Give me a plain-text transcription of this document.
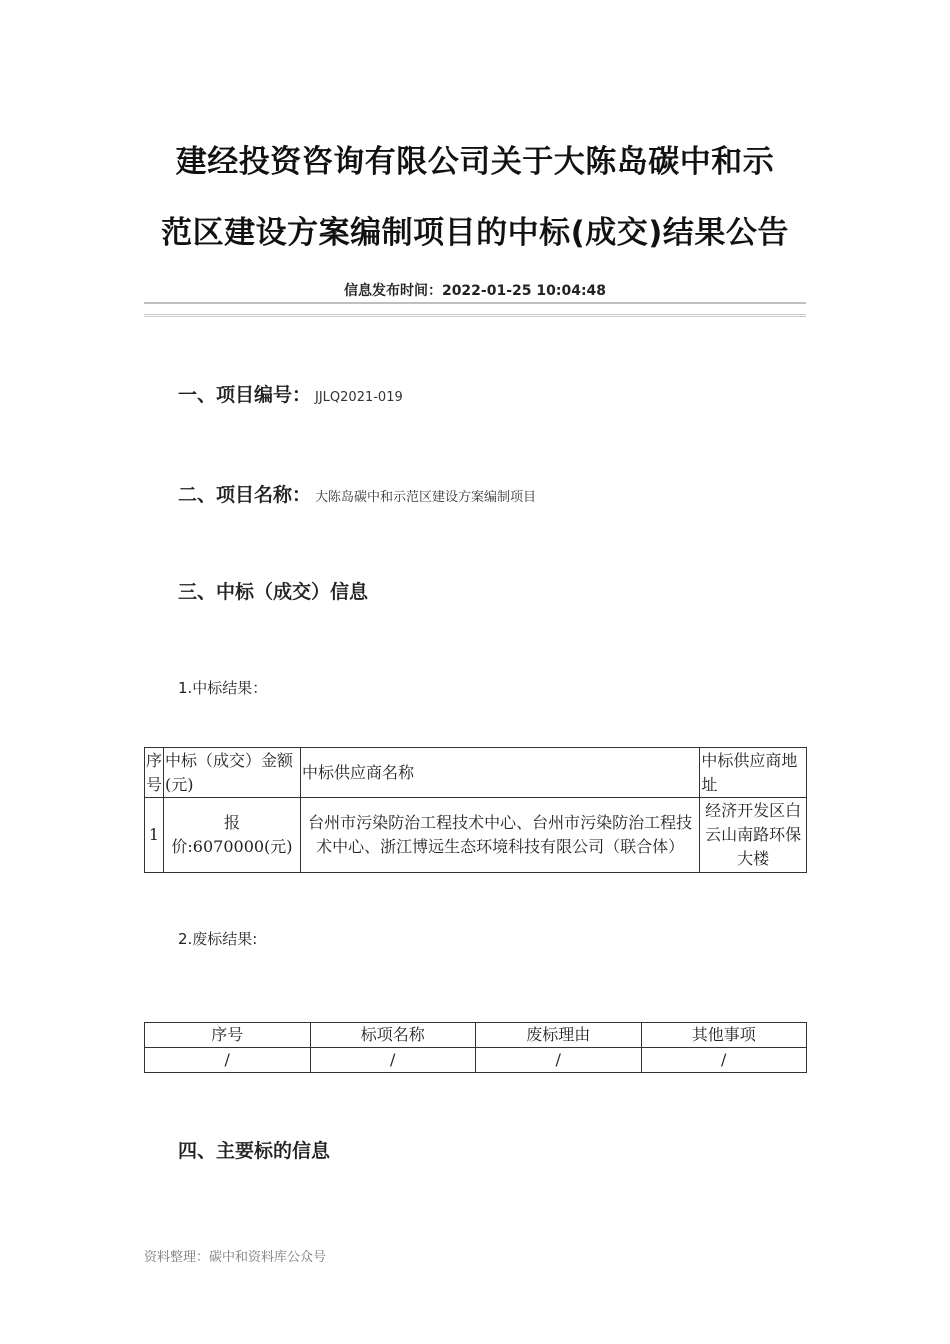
建经投资咨询有限公司关于大陈岛碳中和示
范区建设方案编制项目的中标(成交)结果公告
信息发布时间：2022-01-25 10:04:48
一、项目编号： JJLQ2021-019
二、项目名称： 大陈岛碳中和示范区建设方案编制项目
三、中标（成交）信息
1.中标结果：
序号	中标（成交）金额(元)	中标供应商名称	中标供应商地址
1	报价:6070000(元)	台州市污染防治工程技术中心、台州市污染防治工程技术中心、浙江博远生态环境科技有限公司（联合体）	经济开发区白云山南路环保大楼
2.废标结果:
序号	标项名称	废标理由	其他事项
/	/	/	/
四、主要标的信息
资料整理：碳中和资料库公众号
